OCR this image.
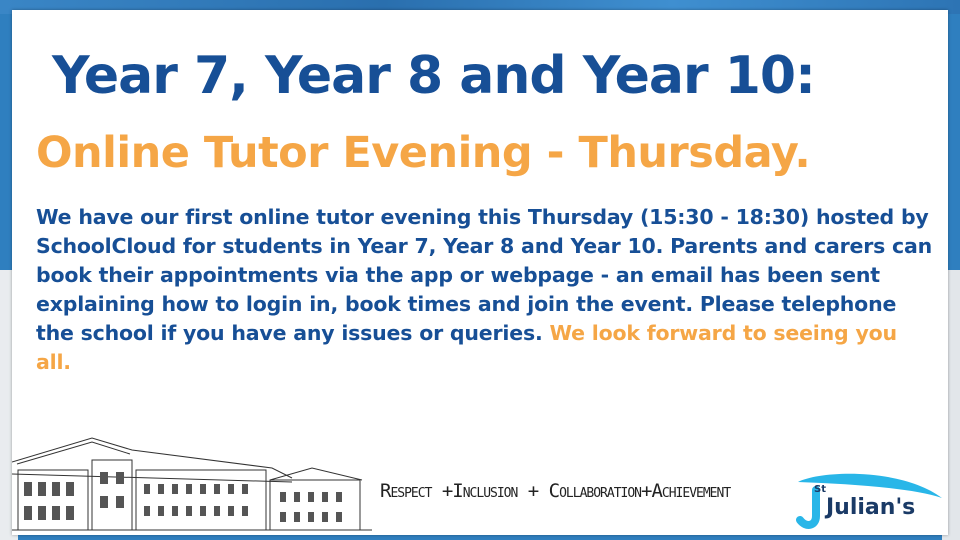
Year 7, Year 8 and Year 10:
Online Tutor Evening - Thursday.

We have our first online tutor evening this Thursday (15:30 - 18:30) hosted by SchoolCloud for students in Year 7, Year 8 and Year 10. Parents and carers can book their appointments via the app or webpage - an email has been sent explaining how to login in, book times and join the event. Please telephone the school if you have any issues or queries. We look forward to seeing you all.

Respect +Inclusion + Collaboration+Achievement	St
Julian's
